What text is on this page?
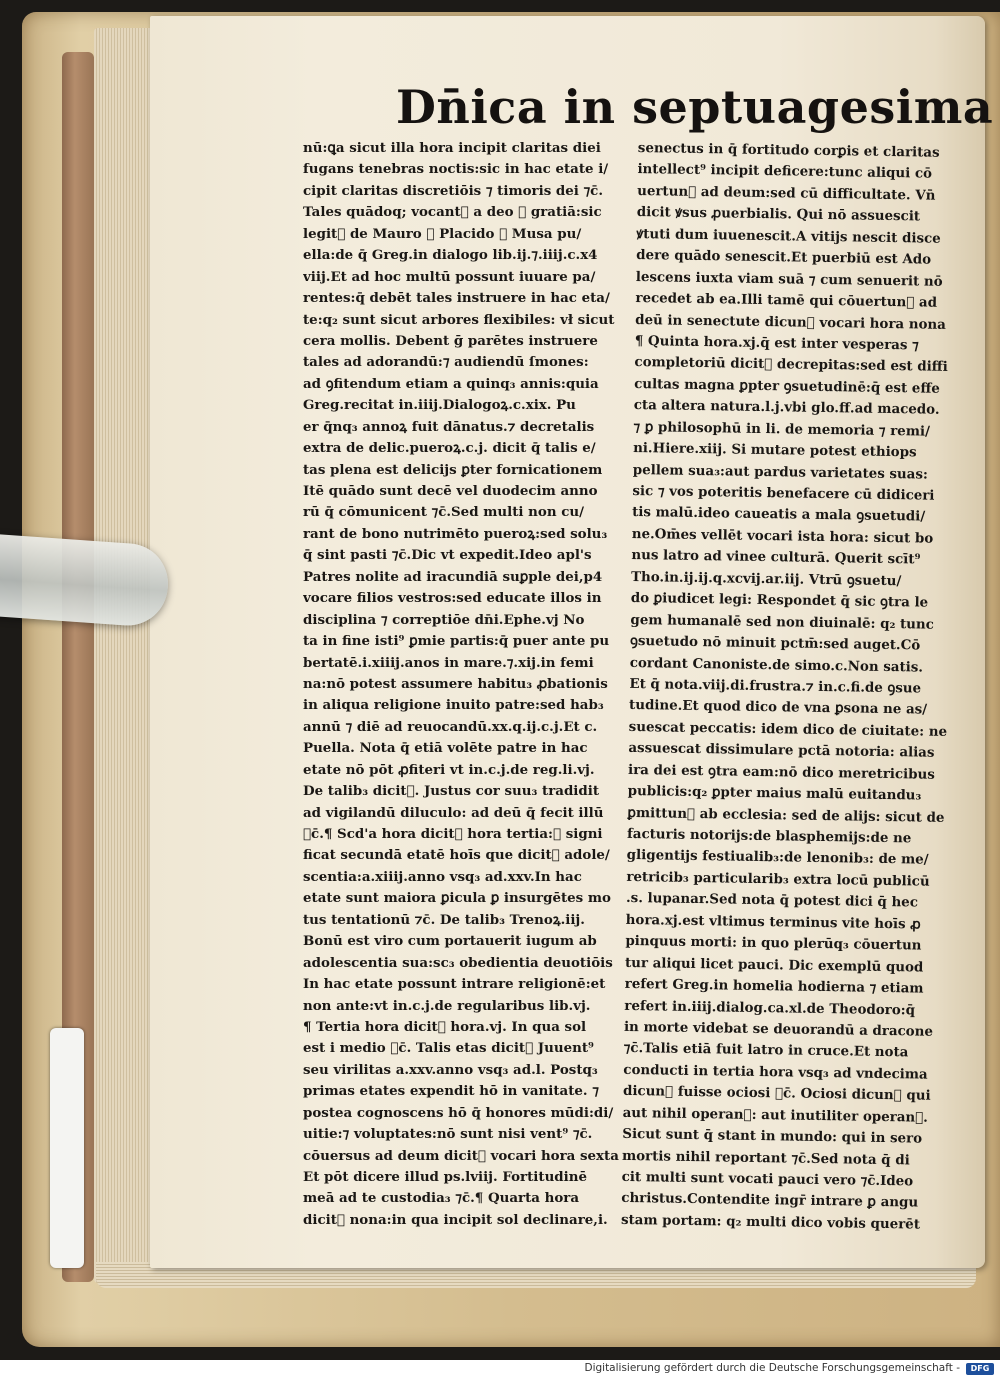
Dn̄ica in septuagesima
nū:ꝗa sicut illa hora incipit claritas diei
fugans tenebras noctis:sic in hac etate i/
cipit claritas discretiōis ⁊ timoris dei ⁊c̄.
Tales quādoq; vocantᷣ a deo ꝑ gratiā:sic
legitᷣ de Mauro ⁊ Placido ⁊ Musa pu/
ella:de q̄ Greg.in dialogo lib.ij.⁊.iiij.c.x4
viij.Et ad hoc multū possunt iuuare pa/
rentes:q̄ debēt tales instruere in hac eta/
te:q₂ sunt sicut arbores flexibiles: vł sicut
cera mollis. Debent ḡ parētes instruere
tales ad adorandū:⁊ audiendū ſmones:
ad ꝯfitendum etiam a quinq₃ annis:quia
Greg.recitat in.iiij.Dialogoꝝ.c.xix. Pu
er q̄nq₃ annoꝝ fuit dānatus.⁊ decretalis
extra de delic.pueroꝝ.c.j. dicit q̄ talis e/
tas plena est delicijs ꝑter fornicationem
Itē quādo sunt decē vel duodecim anno
rū q̄ cōmunicent ⁊c̄.Sed multi non cu/
rant de bono nutrimēto pueroꝝ:sed solu₃
q̄ sint pasti ⁊c̄.Dic vt expedit.Ideo apl's
Patres nolite ad iracundiā suꝑple dei,p4
vocare filios vestros:sed educate illos in
disciplina ⁊ correptiōe dn̄i.Ephe.vj No
ta in fine isti⁹ ꝑmie partis:q̄ puer ante pu
bertatē.i.xiiij.anos in mare.⁊.xij.in femi
na:nō potest assumere habitu₃ ꝓbationis
in aliqua religione inuito patre:sed hab₃
annū ⁊ diē ad reuocandū.xx.q.ij.c.j.Et c.
Puella. Nota q̄ etiā volēte patre in hac
etate nō pōt ꝓfiteri vt in.c.j.de reg.li.vj.
De talib₃ dicitᷣ. Justus cor suu₃ tradidit
ad vigilandū diluculo: ad deū q̄ fecit illū
⁊c̄.¶ Scd'a hora dicitᷣ hora tertia:⁊ signi
ficat secundā etatē hoīs que dicitᷣ adole/
scentia:a.xiiij.anno vsq₃ ad.xxv.In hac
etate sunt maiora ꝑicula ꝑ insurgētes mo
tus tentationū ⁊c̄. De talib₃ Trenoꝝ.iij.
Bonū est viro cum portauerit iugum ab
adolescentia sua:sc₃ obedientia deuotiōis
In hac etate possunt intrare religionē:et
non ante:vt in.c.j.de regularibus lib.vj.
¶ Tertia hora dicitᷣ hora.vj. In qua sol
est i medio ⁊c̄. Talis etas dicitᷣ Juuent⁹
seu virilitas a.xxv.anno vsq₃ ad.l. Postq₃
primas etates expendit hō in vanitate. ⁊
postea cognoscens hō q̄ honores mūdi:di/
uitie:⁊ voluptates:nō sunt nisi vent⁹ ⁊c̄.
cōuersus ad deum dicitᷣ vocari hora sexta
Et pōt dicere illud ps.lviij. Fortitudinē
meā ad te custodia₃ ⁊c̄.¶ Quarta hora
dicitᷣ nona:in qua incipit sol declinare,i.
senectus in q̄ fortitudo corꝑis et claritas
intellect⁹ incipit deficere:tunc aliqui cō
uertunᷣ ad deum:sed cū difficultate. Vn̄
dicit ꝟsus ꝓuerbialis. Qui nō assuescit
ꝟtuti dum iuuenescit.A vitijs nescit disce
dere quādo senescit.Et puerbiū est Ado
lescens iuxta viam suā ⁊ cum senuerit nō
recedet ab ea.Illi tamē qui cōuertunᷣ ad
deū in senectute dicunᷣ vocari hora nona
¶ Quinta hora.xj.q̄ est inter vesperas ⁊
completoriū dicitᷣ decrepitas:sed est diffi
cultas magna ꝑpter ꝯsuetudinē:q̄ est effe
cta altera natura.l.j.vbi glo.ff.ad macedo.
⁊ ꝑ philosophū in li. de memoria ⁊ remi/
ni.Hiere.xiij. Si mutare potest ethiops
pellem sua₃:aut pardus varietates suas:
sic ⁊ vos poteritis benefacere cū didiceri
tis malū.ideo caueatis a mala ꝯsuetudi/
ne.Om̄es vellēt vocari ista hora: sicut bo
nus latro ad vinee culturā. Querit scīt⁹
Tho.in.ij.ij.q.xcvij.ar.iij. Vtrū ꝯsuetu/
do ꝑiudicet legi: Respondet q̄ sic ꝯtra le
gem humanalē sed non diuinalē: q₂ tunc
ꝯsuetudo nō minuit pctm̄:sed auget.Cō
cordant Canoniste.de simo.c.Non satis.
Et q̄ nota.viij.di.frustra.⁊ in.c.fi.de ꝯsue
tudine.Et quod dico de vna ꝑsona ne as/
suescat peccatis: idem dico de ciuitate: ne
assuescat dissimulare pctā notoria: alias
ira dei est ꝯtra eam:nō dico meretricibus
publicis:q₂ ꝑpter maius malū euitandu₃
ꝑmittunᷣ ab ecclesia: sed de alijs: sicut de
facturis notorijs:de blasphemijs:de ne
gligentijs festiualib₃:de lenonib₃: de me/
retricib₃ particularib₃ extra locū publicū
.s. lupanar.Sed nota q̄ potest dici q̄ hec
hora.xj.est vltimus terminus vite hoīs ꝓ
pinquus morti: in quo plerūq₃ cōuertun
tur aliqui licet pauci. Dic exemplū quod
refert Greg.in homelia hodierna ⁊ etiam
refert in.iiij.dialog.ca.xl.de Theodoro:q̄
in morte videbat se deuorandū a dracone
⁊c̄.Talis etiā fuit latro in cruce.Et nota
conducti in tertia hora vsq₃ ad vndecima
dicunᷣ fuisse ociosi ⁊c̄. Ociosi dicunᷣ qui
aut nihil operanᷣ: aut inutiliter operanᷣ.
Sicut sunt q̄ stant in mundo: qui in sero
mortis nihil reportant ⁊c̄.Sed nota q̄ di
cit multi sunt vocati pauci vero ⁊c̄.Ideo
christus.Contendite ingr̄ intrare ꝑ angu
stam portam: q₂ multi dico vobis querēt
Digitalisierung gefördert durch die Deutsche Forschungsgemeinschaft -	DFG
